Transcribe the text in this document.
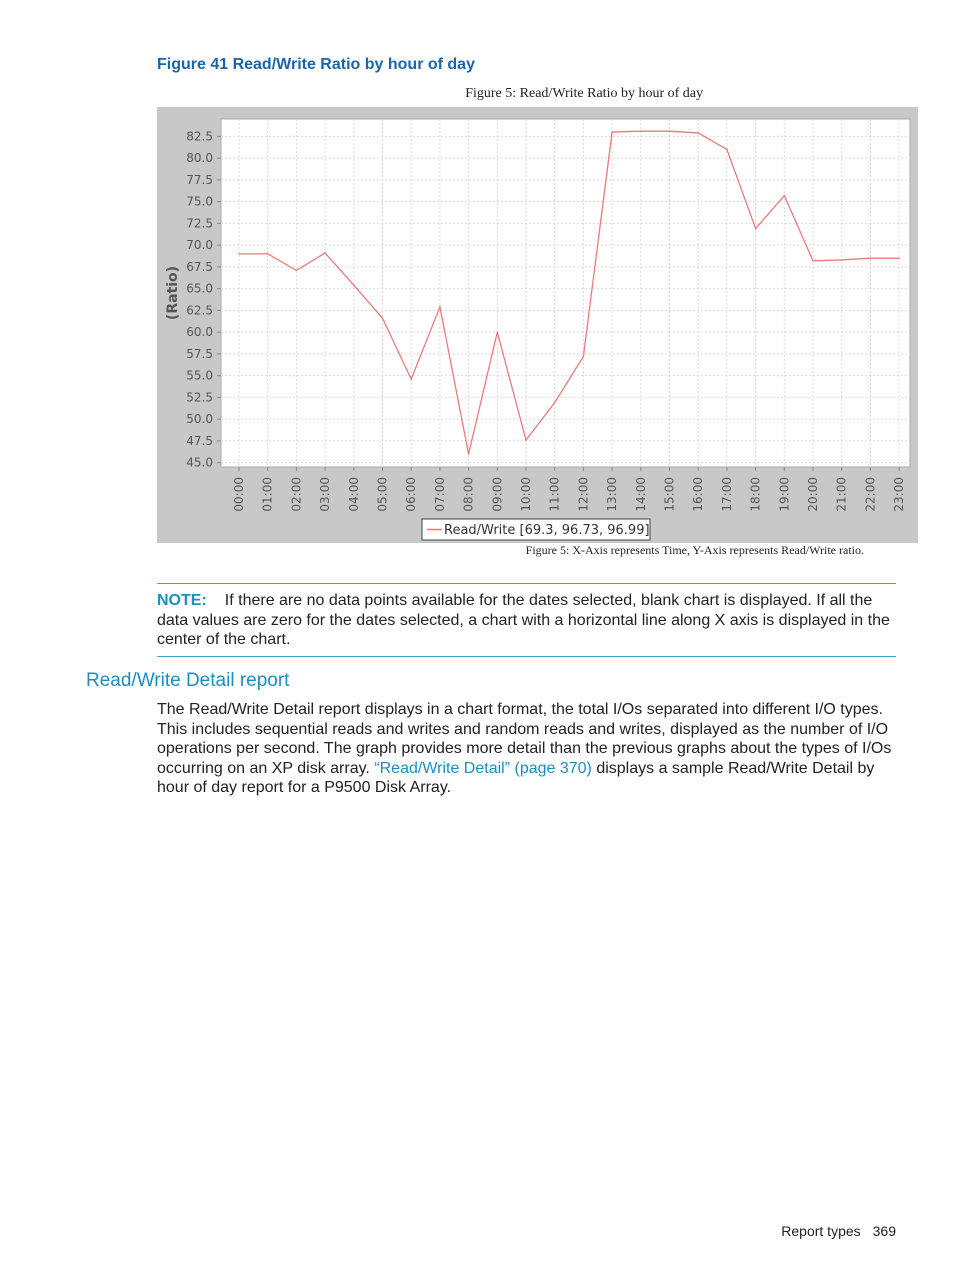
Figure 41 Read/Write Ratio by hour of day
Figure 5: Read/Write Ratio by hour of day
45.0
47.5
50.0
52.5
55.0
57.5
60.0
62.5
65.0
67.5
70.0
72.5
75.0
77.5
80.0
82.5
00:00 01:00 02:00 03:00 04:00 05:00 06:00 07:00 08:00 09:00 10:00 11:00 12:00 13:00 14:00 15:00 16:00 17:00 18:00 19:00 20:00 21:00 22:00 23:00
(Ratio)
Read/Write [69.3, 96.73, 96.99]
Figure 5: X-Axis represents Time, Y-Axis represents Read/Write ratio.
NOTE: If there are no data points available for the dates selected, blank chart is displayed. If all the data values are zero for the dates selected, a chart with a horizontal line along X axis is displayed in the center of the chart.
Read/Write Detail report
The Read/Write Detail report displays in a chart format, the total I/Os separated into different I/O types. This includes sequential reads and writes and random reads and writes, displayed as the number of I/O operations per second. The graph provides more detail than the previous graphs about the types of I/Os occurring on an XP disk array. “Read/Write Detail” (page 370) displays a sample Read/Write Detail by hour of day report for a P9500 Disk Array.
Report types 369
